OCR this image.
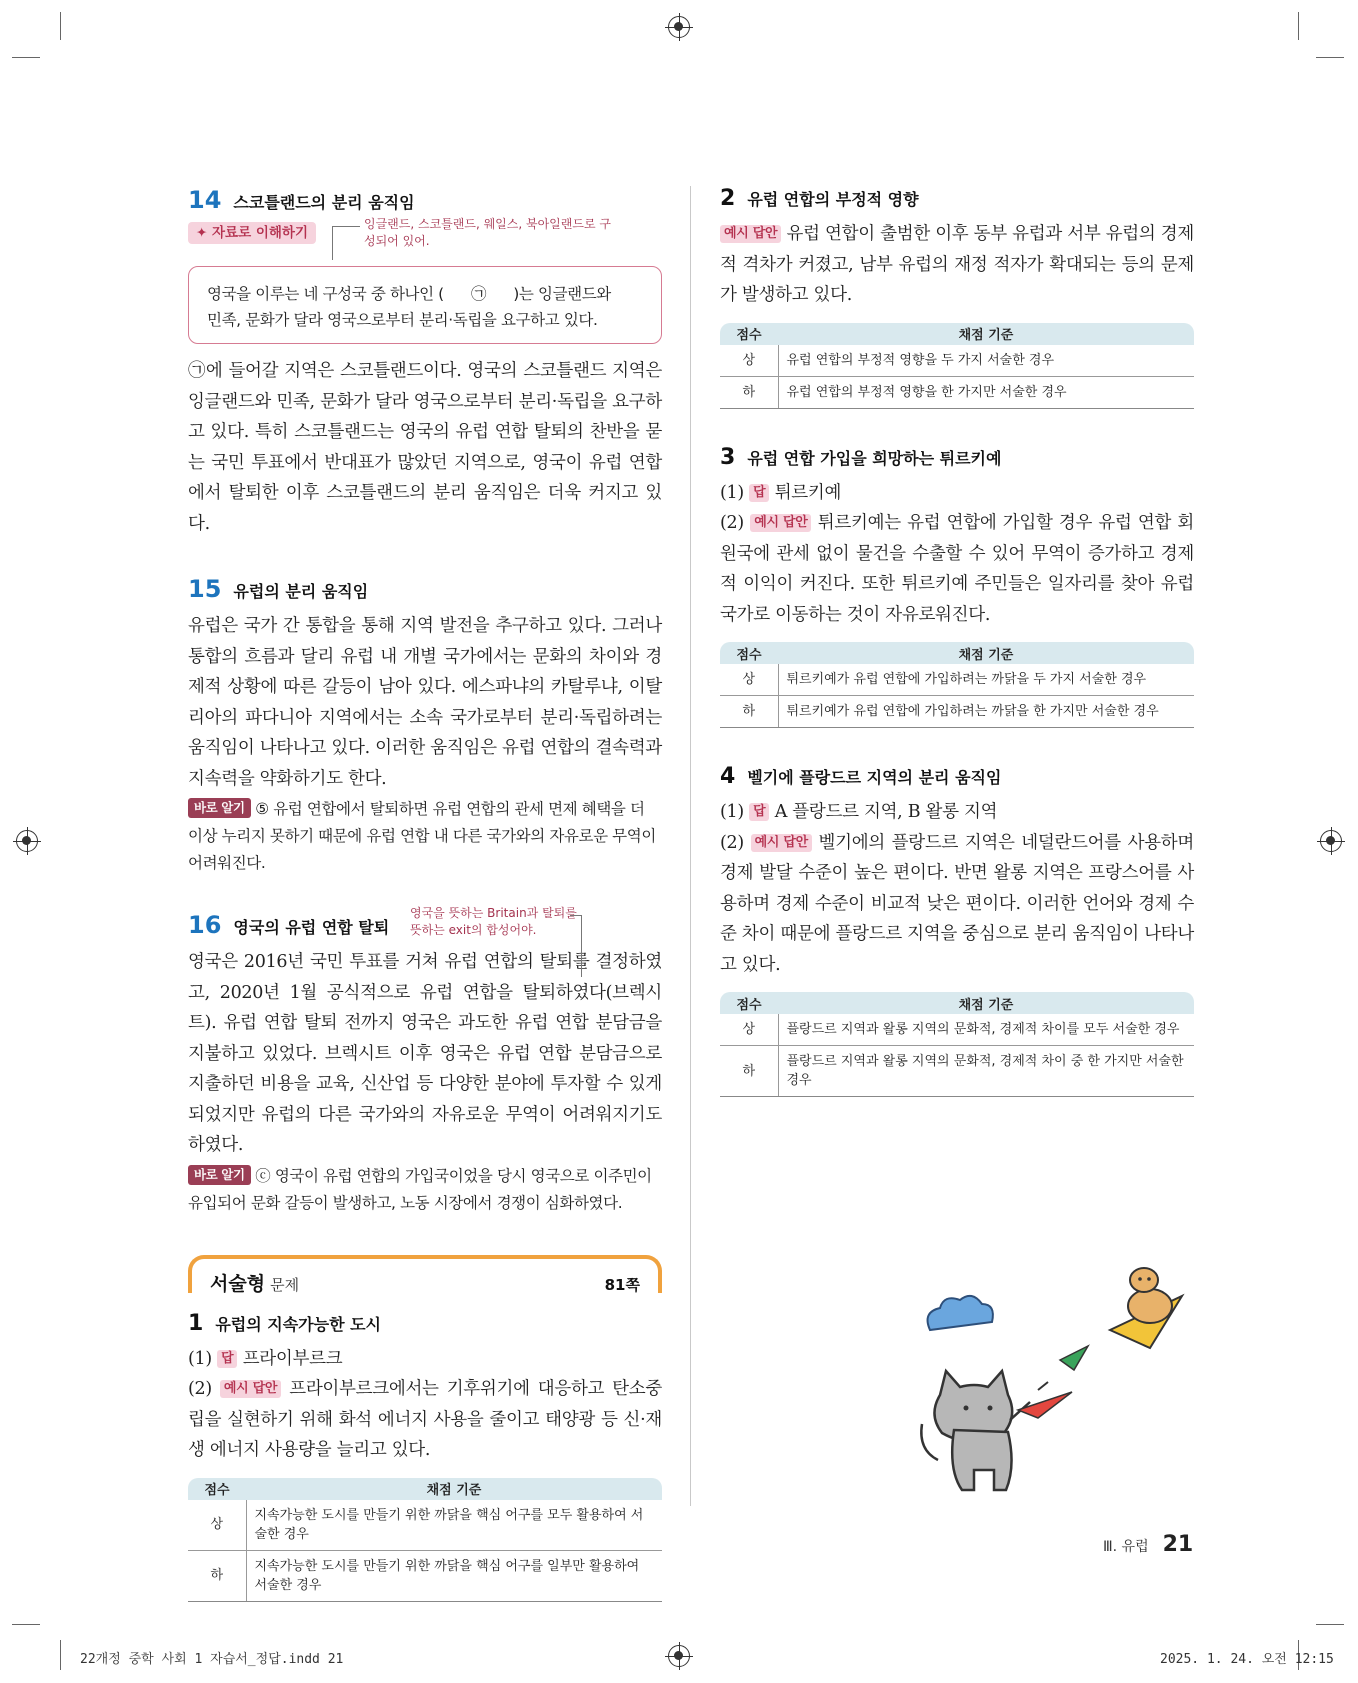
14 스코틀랜드의 분리 움직임
✦ 자료로 이해하기
잉글랜드, 스코틀랜드, 웨일스, 북아일랜드로 구성되어 있어.
영국을 이루는 네 구성국 중 하나인 (      ㉠      )는 잉글랜드와
민족, 문화가 달라 영국으로부터 분리·독립을 요구하고 있다.

㉠에 들어갈 지역은 스코틀랜드이다. 영국의 스코틀랜드 지역은 잉글랜드와 민족, 문화가 달라 영국으로부터 분리·독립을 요구하고 있다. 특히 스코틀랜드는 영국의 유럽 연합 탈퇴의 찬반을 묻는 국민 투표에서 반대표가 많았던 지역으로, 영국이 유럽 연합에서 탈퇴한 이후 스코틀랜드의 분리 움직임은 더욱 커지고 있다.

15 유럽의 분리 움직임

유럽은 국가 간 통합을 통해 지역 발전을 추구하고 있다. 그러나 통합의 흐름과 달리 유럽 내 개별 국가에서는 문화의 차이와 경제적 상황에 따른 갈등이 남아 있다. 에스파냐의 카탈루냐, 이탈리아의 파다니아 지역에서는 소속 국가로부터 분리·독립하려는 움직임이 나타나고 있다. 이러한 움직임은 유럽 연합의 결속력과 지속력을 약화하기도 한다.

바로 알기 ⑤ 유럽 연합에서 탈퇴하면 유럽 연합의 관세 면제 혜택을 더 이상 누리지 못하기 때문에 유럽 연합 내 다른 국가와의 자유로운 무역이 어려워진다.

16 영국의 유럽 연합 탈퇴
영국을 뜻하는 Britain과 탈퇴를 뜻하는 exit의 합성어야.

영국은 2016년 국민 투표를 거쳐 유럽 연합의 탈퇴를 결정하였고, 2020년 1월 공식적으로 유럽 연합을 탈퇴하였다(브렉시트). 유럽 연합 탈퇴 전까지 영국은 과도한 유럽 연합 분담금을 지불하고 있었다. 브렉시트 이후 영국은 유럽 연합 분담금으로 지출하던 비용을 교육, 신산업 등 다양한 분야에 투자할 수 있게 되었지만 유럽의 다른 국가와의 자유로운 무역이 어려워지기도 하였다.

바로 알기 ⓒ 영국이 유럽 연합의 가입국이었을 당시 영국으로 이주민이 유입되어 문화 갈등이 발생하고, 노동 시장에서 경쟁이 심화하였다.

서술형 문제	81쪽
1 유럽의 지속가능한 도시

(1) 답 프라이부르크

(2) 예시 답안 프라이부르크에서는 기후위기에 대응하고 탄소중립을 실현하기 위해 화석 에너지 사용을 줄이고 태양광 등 신·재생 에너지 사용량을 늘리고 있다.

점수	채점 기준
상	지속가능한 도시를 만들기 위한 까닭을 핵심 어구를 모두 활용하여 서술한 경우
하	지속가능한 도시를 만들기 위한 까닭을 핵심 어구를 일부만 활용하여 서술한 경우
2 유럽 연합의 부정적 영향

예시 답안 유럽 연합이 출범한 이후 동부 유럽과 서부 유럽의 경제적 격차가 커졌고, 남부 유럽의 재정 적자가 확대되는 등의 문제가 발생하고 있다.

점수	채점 기준
상	유럽 연합의 부정적 영향을 두 가지 서술한 경우
하	유럽 연합의 부정적 영향을 한 가지만 서술한 경우
3 유럽 연합 가입을 희망하는 튀르키예

(1) 답 튀르키예

(2) 예시 답안 튀르키예는 유럽 연합에 가입할 경우 유럽 연합 회원국에 관세 없이 물건을 수출할 수 있어 무역이 증가하고 경제적 이익이 커진다. 또한 튀르키예 주민들은 일자리를 찾아 유럽 국가로 이동하는 것이 자유로워진다.

점수	채점 기준
상	튀르키예가 유럽 연합에 가입하려는 까닭을 두 가지 서술한 경우
하	튀르키예가 유럽 연합에 가입하려는 까닭을 한 가지만 서술한 경우
4 벨기에 플랑드르 지역의 분리 움직임

(1) 답 A 플랑드르 지역, B 왈롱 지역

(2) 예시 답안 벨기에의 플랑드르 지역은 네덜란드어를 사용하며 경제 발달 수준이 높은 편이다. 반면 왈롱 지역은 프랑스어를 사용하며 경제 수준이 비교적 낮은 편이다. 이러한 언어와 경제 수준 차이 때문에 플랑드르 지역을 중심으로 분리 움직임이 나타나고 있다.

점수	채점 기준
상	플랑드르 지역과 왈롱 지역의 문화적, 경제적 차이를 모두 서술한 경우
하	플랑드르 지역과 왈롱 지역의 문화적, 경제적 차이 중 한 가지만 서술한 경우
Ⅲ. 유럽 21
22개정 중학 사회 1 자습서_정답.indd 21	2025. 1. 24. 오전 12:15
